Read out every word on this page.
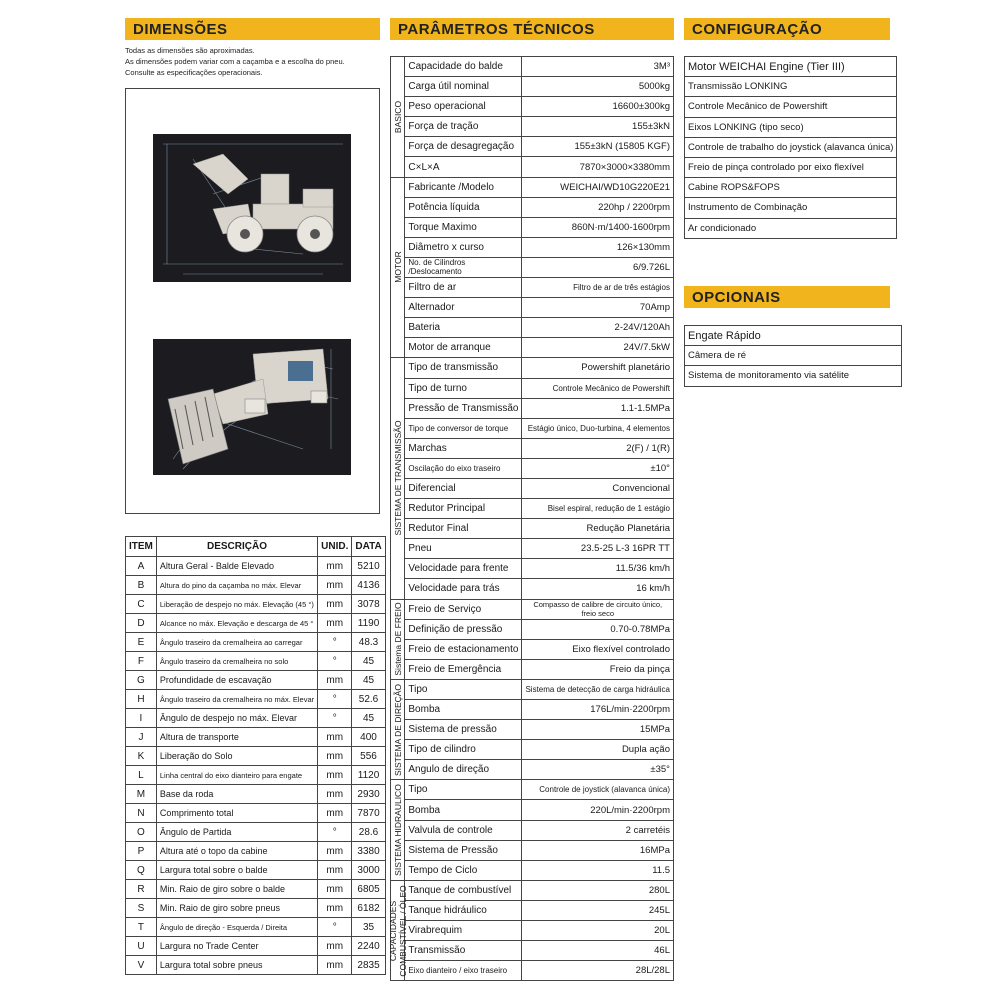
DIMENSÕES
Todas as dimensões são aproximadas.
As dimensões podem variar com a caçamba e a escolha do pneu.
Consulte as especificações operacionais.
ITEM	DESCRIÇÃO	UNID.	DATA
A	Altura Geral - Balde Elevado	mm	5210
B	Altura do pino da caçamba no máx. Elevar	mm	4136
C	Liberação de despejo no máx. Elevação (45 °)	mm	3078
D	Alcance no máx. Elevação e descarga de 45 °	mm	1190
E	Ângulo traseiro da cremalheira ao carregar	°	48.3
F	Ângulo traseiro da cremalheira no solo	°	45
G	Profundidade de escavação	mm	45
H	Ângulo traseiro da cremalheira no máx. Elevar	°	52.6
I	Ângulo de despejo no máx. Elevar	°	45
J	Altura de transporte	mm	400
K	Liberação do Solo	mm	556
L	Linha central do eixo dianteiro para engate	mm	1120
M	Base da roda	mm	2930
N	Comprimento total	mm	7870
O	Ângulo de Partida	°	28.6
P	Altura até o topo da cabine	mm	3380
Q	Largura total sobre o balde	mm	3000
R	Min. Raio de giro sobre o balde	mm	6805
S	Min. Raio de giro sobre pneus	mm	6182
T	Ângulo de direção - Esquerda / Direita	°	35
U	Largura no Trade Center	mm	2240
V	Largura total sobre pneus	mm	2835
PARÂMETROS TÉCNICOS
BASICO	Capacidade do balde	3M³
	Carga útil nominal	5000kg
	Peso operacional	16600±300kg
	Força de tração	155±3kN
	Força de desagregação	155±3kN (15805 KGF)
	C×L×A	7870×3000×3380mm

MOTOR	Fabricante /Modelo	WEICHAI/WD10G220E21
	Potência líquida	220hp / 2200rpm
	Torque Maximo	860N·m/1400-1600rpm
	Diâmetro x curso	126×130mm
	No. de Cilindros /Deslocamento	6/9.726L
	Filtro de ar	Filtro de ar de três estágios
	Alternador	70Amp
	Bateria	2-24V/120Ah
	Motor de arranque	24V/7.5kW

SISTEMA DE TRANSMISSÃO	Tipo de transmissão	Powershift planetário
	Tipo de turno	Controle Mecânico de Powershift
	Pressão de Transmissão	1.1-1.5MPa
	Tipo de conversor de torque	Estágio único, Duo-turbina, 4 elementos
	Marchas	2(F) / 1(R)
	Oscilação do eixo traseiro	±10°
	Diferencial	Convencional
	Redutor Principal	Bisel espiral, redução de 1 estágio
	Redutor Final	Redução Planetária
	Pneu	23.5-25 L-3 16PR TT
	Velocidade para frente	11.5/36 km/h
	Velocidade para trás	16 km/h

Sistema DE FREIO	Freio de Serviço	Compasso de calibre de circuito único, freio seco
	Definição de pressão	0.70-0.78MPa
	Freio de estacionamento	Eixo flexível controlado
	Freio de Emergência	Freio da pinça

SISTEMA DE DIREÇÃO	Tipo	Sistema de detecção de carga hidráulica
	Bomba	176L/min·2200rpm
	Sistema de pressão	15MPa
	Tipo de cilindro	Dupla ação
	Angulo de direção	±35°

SISTEMA HIDRAULICO	Tipo	Controle de joystick (alavanca única)
	Bomba	220L/min·2200rpm
	Valvula de controle	2 carretéis
	Sistema de Pressão	16MPa
	Tempo de Ciclo	11.5

CAPACIDADES COMBUSTÍVEL / ÓLEO	Tanque de combustível	280L
	Tanque hidráulico	245L
	Virabrequim	20L
	Transmissão	46L
	Eixo dianteiro / eixo traseiro	28L/28L
CONFIGURAÇÃO
Motor WEICHAI Engine (Tier III)
Transmissão LONKING
Controle Mecânico de Powershift
Eixos LONKING (tipo seco)
Controle de trabalho do joystick (alavanca única)
Freio de pinça controlado por eixo flexível
Cabine ROPS&FOPS
Instrumento de Combinação
Ar condicionado
OPCIONAIS
Engate Rápido
Câmera de ré
Sistema de monitoramento via satélite
